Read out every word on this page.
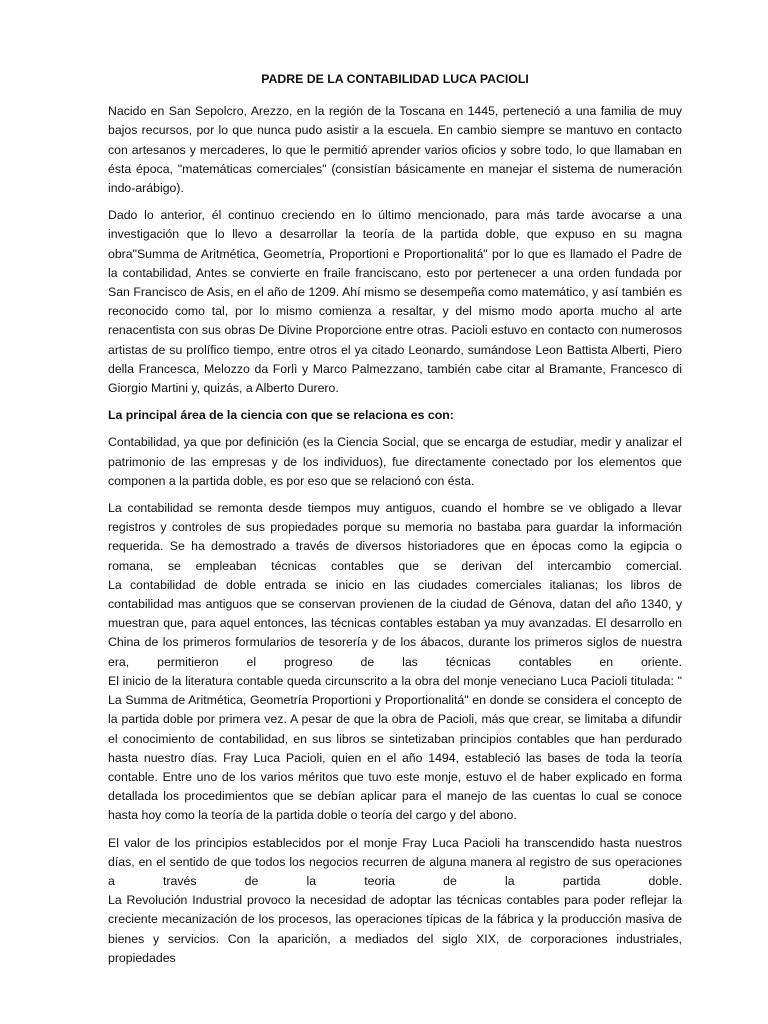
PADRE DE LA CONTABILIDAD LUCA PACIOLI

Nacido en San Sepolcro, Arezzo, en la región de la Toscana en 1445, perteneció a una familia de muy bajos recursos, por lo que nunca pudo asistir a la escuela. En cambio siempre se mantuvo en contacto con artesanos y mercaderes, lo que le permitió aprender varios oficios y sobre todo, lo que llamaban en ésta época, "matemáticas comerciales" (consistían básicamente en manejar el sistema de numeración indo-arábigo).

Dado lo anterior, él continuo creciendo en lo último mencionado, para más tarde avocarse a una investigación que lo llevo a desarrollar la teoría de la partida doble, que expuso en su magna obra"Summa de Aritmética, Geometría, Proportioni e Proportionalitá" por lo que es llamado el Padre de la contabilidad, Antes se convierte en fraile franciscano, esto por pertenecer a una orden fundada por San Francisco de Asis, en el año de 1209. Ahí mismo se desempeña como matemático, y así también es reconocido como tal, por lo mismo comienza a resaltar, y del mismo modo aporta mucho al arte renacentista con sus obras De Divine Proporcione entre otras. Pacioli estuvo en contacto con numerosos artistas de su prolífico tiempo, entre otros el ya citado Leonardo, sumándose Leon Battista Alberti, Piero della Francesca, Melozzo da Forlì y Marco Palmezzano, también cabe citar al Bramante, Francesco di Giorgio Martini y, quizás, a Alberto Durero.

La principal área de la ciencia con que se relaciona es con:

Contabilidad, ya que por definición (es la Ciencia Social, que se encarga de estudiar, medir y analizar el patrimonio de las empresas y de los individuos), fue directamente conectado por los elementos que componen a la partida doble, es por eso que se relacionó con ésta.

La contabilidad se remonta desde tiempos muy antiguos, cuando el hombre se ve obligado a llevar registros y controles de sus propiedades porque su memoria no bastaba para guardar la información requerida. Se ha demostrado a través de diversos historiadores que en épocas como la egipcia o romana, se empleaban técnicas contables que se derivan del intercambio comercial.
La contabilidad de doble entrada se inicio en las ciudades comerciales italianas; los libros de contabilidad mas antiguos que se conservan provienen de la ciudad de Génova, datan del año 1340, y muestran que, para aquel entonces, las técnicas contables estaban ya muy avanzadas. El desarrollo en China de los primeros formularios de tesorería y de los ábacos, durante los primeros siglos de nuestra era, permitieron el progreso de las técnicas contables en oriente.
El inicio de la literatura contable queda circunscrito a la obra del monje veneciano Luca Pacioli titulada: " La Summa de Aritmética, Geometría Proportioni y Proportionalitá" en donde se considera el concepto de la partida doble por primera vez. A pesar de que la obra de Pacioli, más que crear, se limitaba a difundir el conocimiento de contabilidad, en sus libros se sintetizaban principios contables que han perdurado hasta nuestro días. Fray Luca Pacioli, quien en el año 1494, estableció las bases de toda la teoría contable. Entre uno de los varios méritos que tuvo este monje, estuvo el de haber explicado en forma detallada los procedimientos que se debían aplicar para el manejo de las cuentas lo cual se conoce hasta hoy como la teoría de la partida doble o teoría del cargo y del abono.

El valor de los principios establecidos por el monje Fray Luca Pacioli ha transcendido hasta nuestros días, en el sentido de que todos los negocios recurren de alguna manera al registro de sus operaciones a través de la teoria de la partida doble.
La Revolución Industrial provoco la necesidad de adoptar las técnicas contables para poder reflejar la creciente mecanización de los procesos, las operaciones típicas de la fábrica y la producción masiva de bienes y servicios. Con la aparición, a mediados del siglo XIX, de corporaciones industriales, propiedades
